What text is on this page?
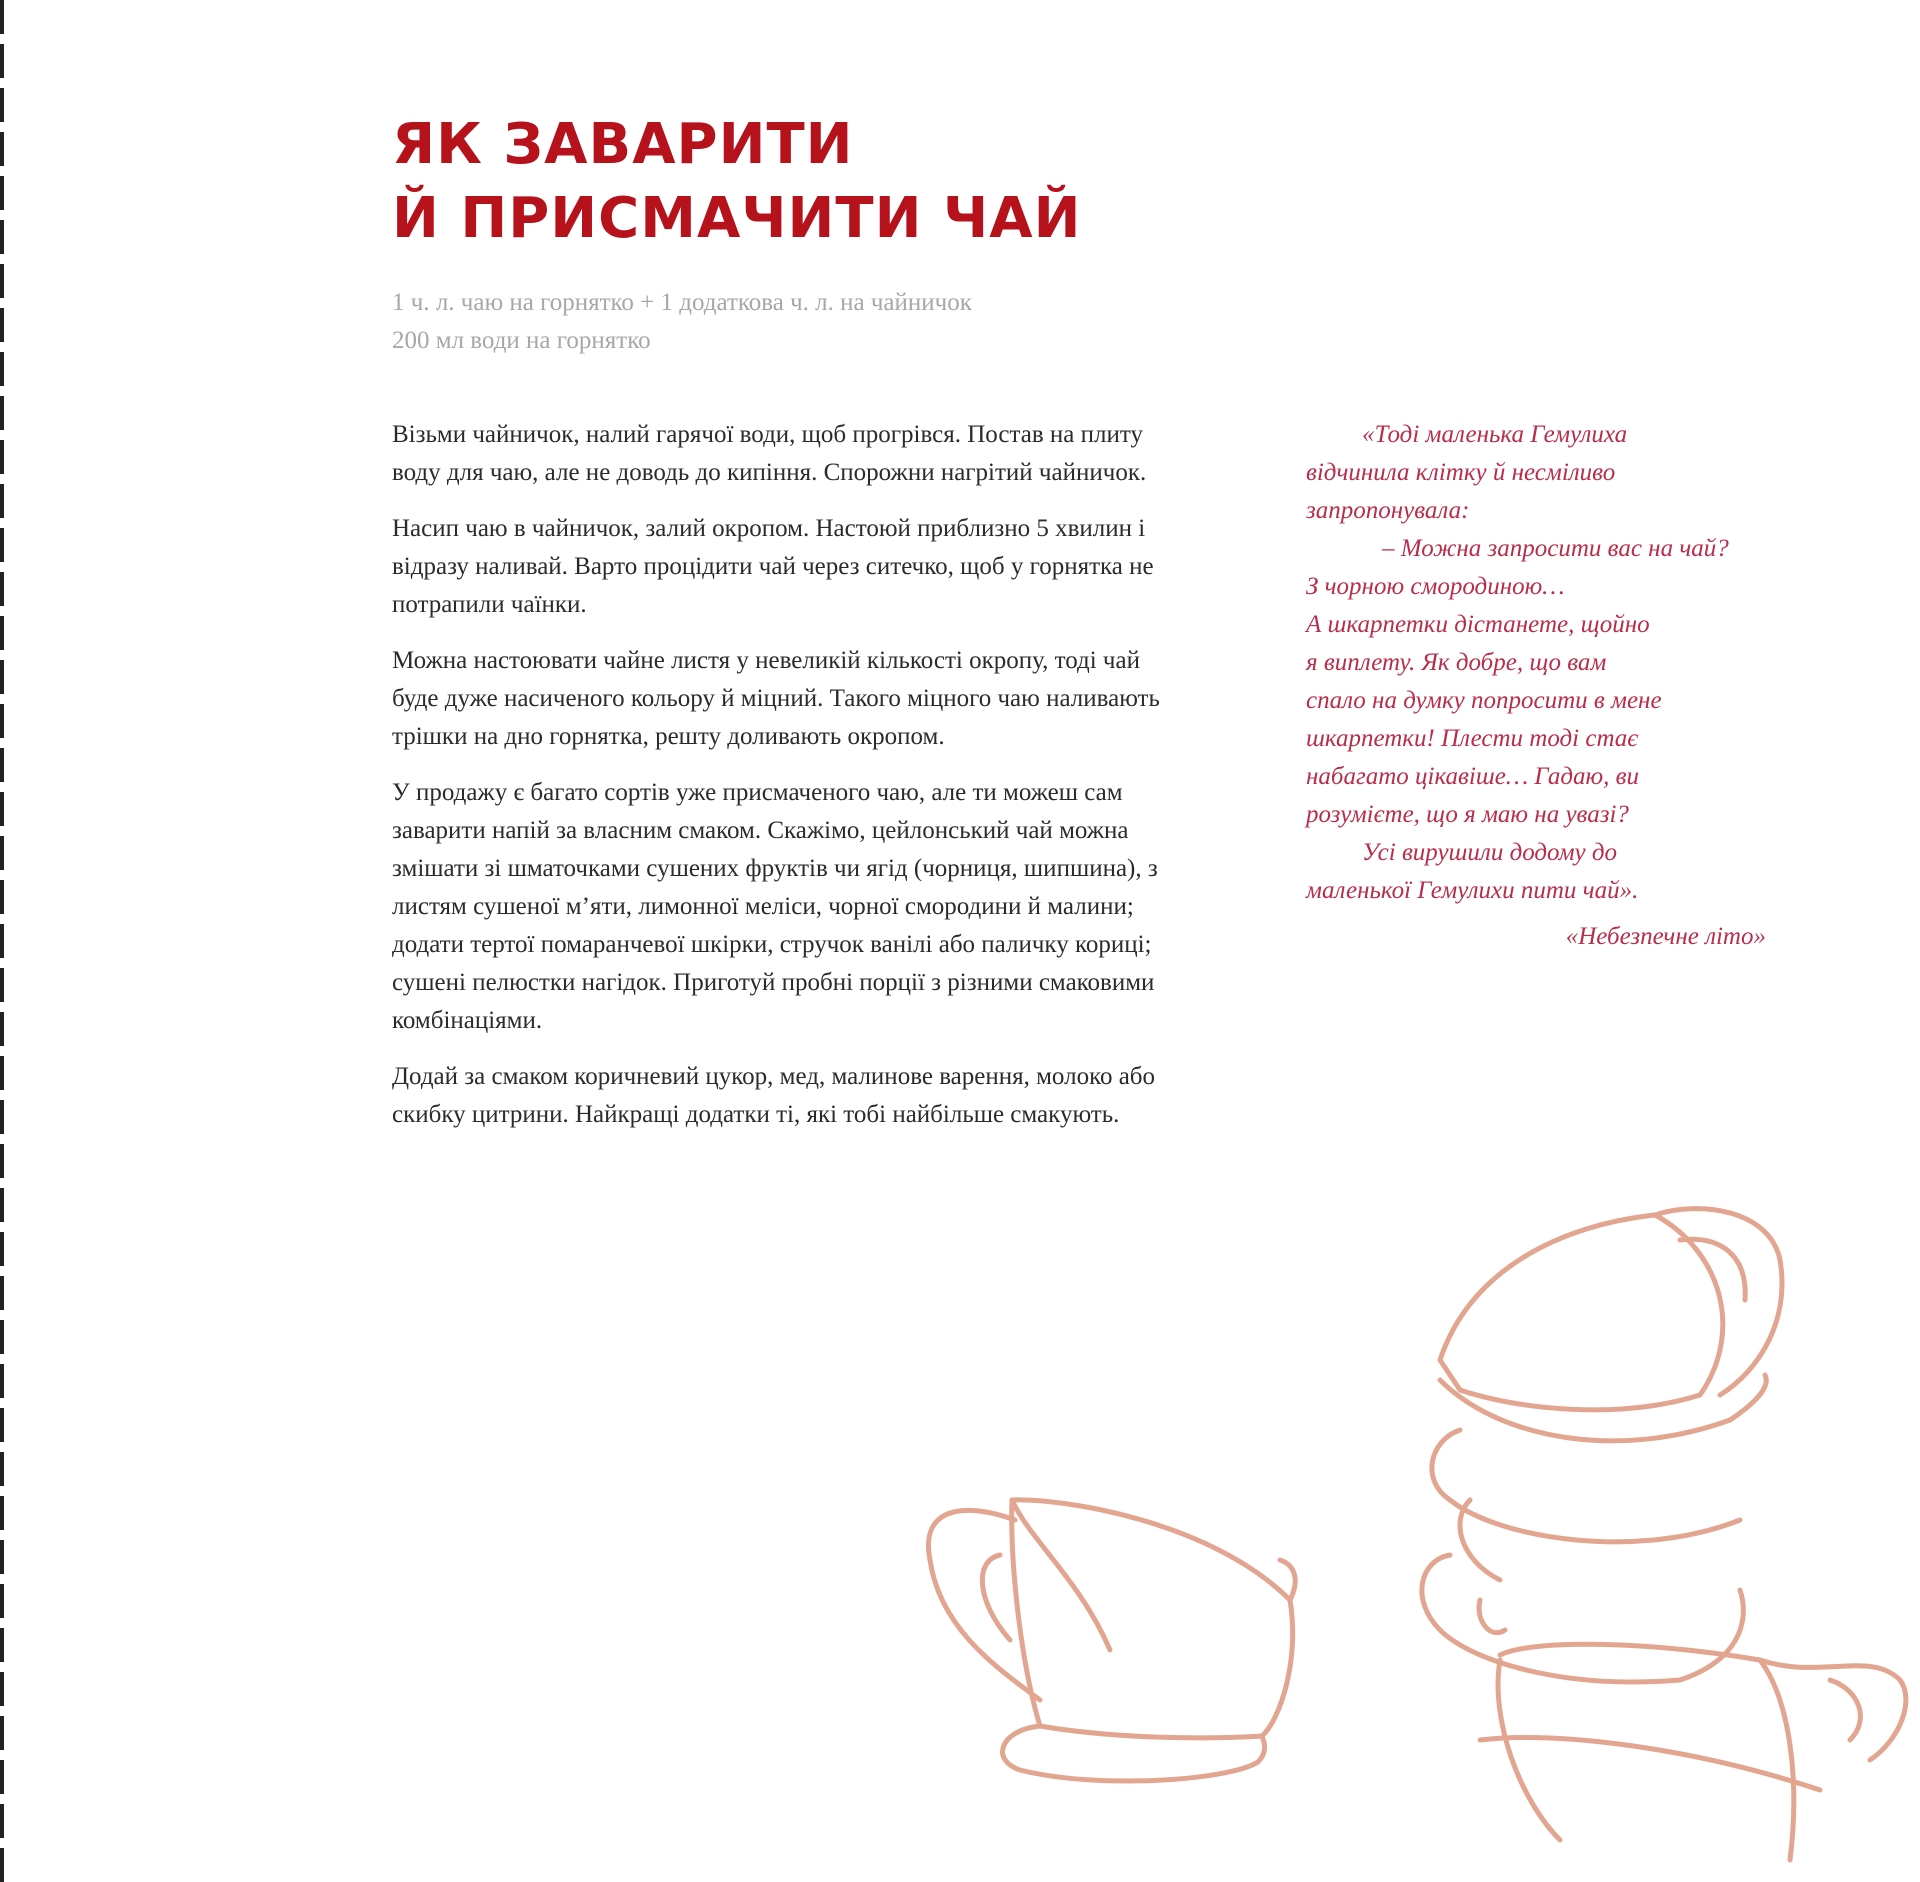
ЯК ЗАВАРИТИ
Й ПРИСМАЧИТИ ЧАЙ
1 ч. л. чаю на горнятко + 1 додаткова ч. л. на чайничок
200 мл води на горнятко

Візьми чайничок, налий гарячої води, щоб прогрівся. Постав на плиту воду для чаю, але не доводь до кипіння. Спорожни нагрітий чайничок.

Насип чаю в чайничок, залий окропом. Настоюй приблизно 5 хвилин і відразу наливай. Варто процідити чай через ситечко, щоб у горнятка не потрапили чаїнки.

Можна настоювати чайне листя у невеликій кількості окропу, тоді чай буде дуже насиченого кольору й міцний. Такого міцного чаю наливають трішки на дно горнятка, решту доливають окропом.

У продажу є багато сортів уже присмаченого чаю, але ти можеш сам заварити напій за власним смаком. Скажімо, цейлонський чай можна змішати зі шматочками сушених фруктів чи ягід (чорниця, шипшина), з листям сушеної м’яти, лимонної меліси, чорної смородини й малини; додати тертої помаранчевої шкірки, стручок ванілі або паличку кориці; сушені пелюстки нагідок. Приготуй пробні порції з різними смаковими комбінаціями.

Додай за смаком коричневий цукор, мед, малинове варення, молоко або скибку цитрини. Найкращі додатки ті, які тобі найбільше смакують.

«Тоді маленька Гемулиха
відчинила клітку й несміливо
запропонувала:
– Можна запросити вас на чай?
З чорною смородиною…
А шкарпетки дістанете, щойно
я виплету. Як добре, що вам
спало на думку попросити в мене
шкарпетки! Плести тоді стає
набагато цікавіше… Гадаю, ви
розумієте, що я маю на увазі?
Усі вирушили додому до
маленької Гемулихи пити чай».
«Небезпечне літо»
